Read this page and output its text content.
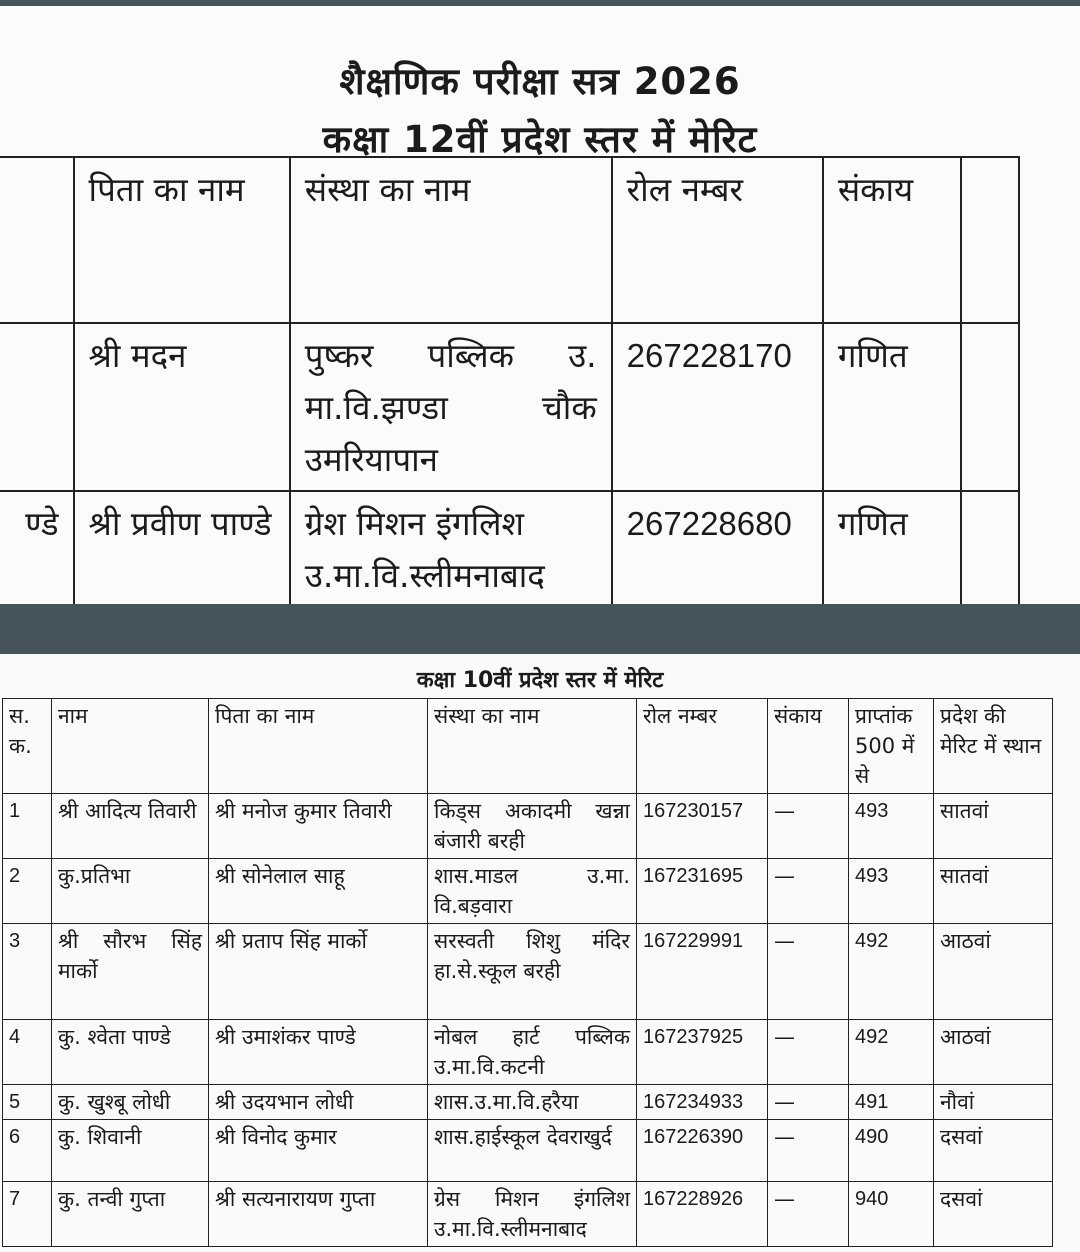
शैक्षणिक परीक्षा सत्र 2026
कक्षा 12वीं प्रदेश स्तर में मेरिट
	पिता का नाम	संस्था का नाम	रोल नम्बर	संकाय	
	श्री मदन	पुष्कर पब्लिक उ. मा.वि.झण्डा चौक उमरियापान	267228170	गणित	
ण्डे	श्री प्रवीण पाण्डे	ग्रेश मिशन इंगलिश उ.मा.वि.स्लीमनाबाद	267228680	गणित	
कक्षा 10वीं प्रदेश स्तर में मेरिट
स. क.	नाम	पिता का नाम	संस्था का नाम	रोल नम्बर	संकाय	प्राप्तांक 500 में से	प्रदेश की मेरिट में स्थान
1	श्री आदित्य तिवारी	श्री मनोज कुमार तिवारी	किड्स अकादमी खन्ना बंजारी बरही	167230157	—	493	सातवां
2	कु.प्रतिभा	श्री सोनेलाल साहू	शास.माडल उ.मा. वि.बड़वारा	167231695	—	493	सातवां
3	श्री सौरभ सिंह मार्को	श्री प्रताप सिंह मार्को	सरस्वती शिशु मंदिर हा.से.स्कूल बरही	167229991	—	492	आठवां
4	कु. श्वेता पाण्डे	श्री उमाशंकर पाण्डे	नोबल हार्ट पब्लिक उ.मा.वि.कटनी	167237925	—	492	आठवां
5	कु. खुश्बू लोधी	श्री उदयभान लोधी	शास.उ.मा.वि.हरैया	167234933	—	491	नौवां
6	कु. शिवानी	श्री विनोद कुमार	शास.हाईस्कूल देवराखुर्द	167226390	—	490	दसवां
7	कु. तन्वी गुप्ता	श्री सत्यनारायण गुप्ता	ग्रेस मिशन इंगलिश उ.मा.वि.स्लीमनाबाद	167228926	—	940	दसवां
